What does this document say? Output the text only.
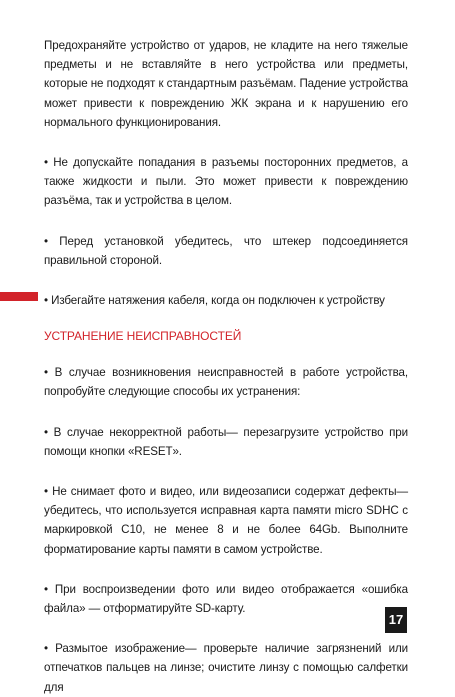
Предохраняйте устройство от ударов, не кладите на него тяжелые предметы и не вставляйте в него устройства или предметы, которые не подходят к стандартным разъёмам. Падение устройства может привести к повреждению ЖК экрана и к нарушению его нормального функционирования.

• Не допускайте попадания в разъемы посторонних предметов, а также жидкости и пыли. Это может привести к повреждению разъёма, так и устройства в целом.

• Перед установкой убедитесь, что штекер подсоединяется правильной стороной.

• Избегайте натяжения кабеля, когда он подключен к устройству

УСТРАНЕНИЕ НЕИСПРАВНОСТЕЙ

• В случае возникновения неисправностей в работе устройства, попробуйте следующие способы их устранения:

• В случае некорректной работы— перезагрузите устройство при помощи кнопки «RESET».

• Не снимает фото и видео, или видеозаписи содержат дефекты— убедитесь, что используется исправная карта памяти micro SDHC с маркировкой C10, не менее 8 и не более 64Gb. Выполните форматирование карты памяти в самом устройстве.

• При воспроизведении фото или видео отображается «ошибка файла» — отформатируйте SD-карту.

• Размытое изображение— проверьте наличие загрязнений или отпечатков пальцев на линзе; очистите линзу с помощью салфетки для

17
